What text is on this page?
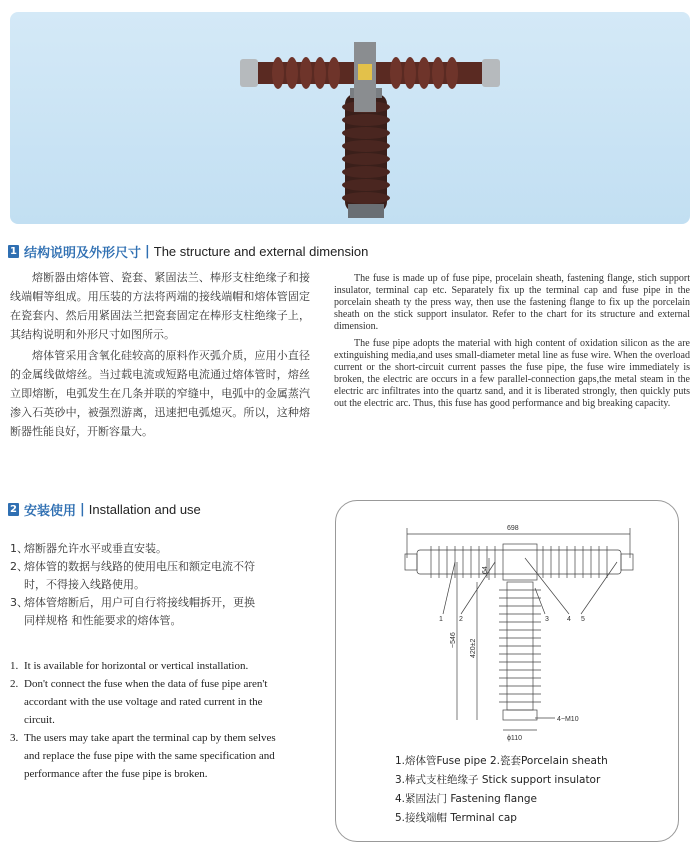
1 结构说明及外形尺寸 | The structure and external dimension

熔断器由熔体管、瓷套、紧固法兰、棒形支柱绝缘子和接线端帽等组成。用压装的方法将两端的接线端帽和熔体管固定在瓷套内、然后用紧固法兰把瓷套固定在棒形支柱绝缘子上，其结构说明和外形尺寸如图所示。

熔体管采用含氧化硅较高的原料作灭弧介质，应用小直径的金属线做熔丝。当过载电流或短路电流通过熔体管时，熔丝立即熔断，电弧发生在几条并联的窄缝中，电弧中的金属蒸汽渗入石英砂中，被强烈游离，迅速把电弧熄灭。所以，这种熔断器性能良好，开断容量大。

The fuse is made up of fuse pipe, procelain sheath, fastening flange, stich support insulator, terminal cap etc. Separately fix up the terminal cap and fuse pipe in the porcelain sheath ty the press way, then use the fastening flange to fix up the porcelain sheath on the stick support insulator. Refer to the chart for its structure and external dimension.

The fuse pipe adopts the material with high content of oxidation silicon as the are extinguishing media,and uses small-diameter metal line as fuse wire. When the overload current or the short-circuit current passes the fuse pipe, the fuse wire immediately is broken, the electric are occurs in a few parallel-connection gaps,the metal steam in the electric arc infiltrates into the quartz sand, and it is liberated strongly, then quickly puts out the electric arc. Thus, this fuse has good performance and big breaking capacity.

2 安装使用 | Installation and use
1、
熔断器允许水平或垂直安装。
2、
熔体管的数据与线路的使用电压和额定电流不符时，不得接入线路使用。
3、
熔体管熔断后，用户可自行将接线帽拆开，更换同样规格 和性能要求的熔体管。
1. It is available for horizontal or vertical installation.
2. Don't connect the fuse when the data of fuse pipe aren't accordant with the use voltage and rated current in the circuit.
3. The users may take apart the terminal cap by them selves and replace the fuse pipe with the same specification and performance after the fuse pipe is broken.
698
~546 420±2
64
ϕ110
4−M10
1 2	3	4 5
1.熔体管Fuse pipe 2.瓷套Porcelain sheath
3.棒式支柱绝缘子 Stick support insulator
4.紧固法门 Fastening flange
5.接线端帽 Terminal cap
